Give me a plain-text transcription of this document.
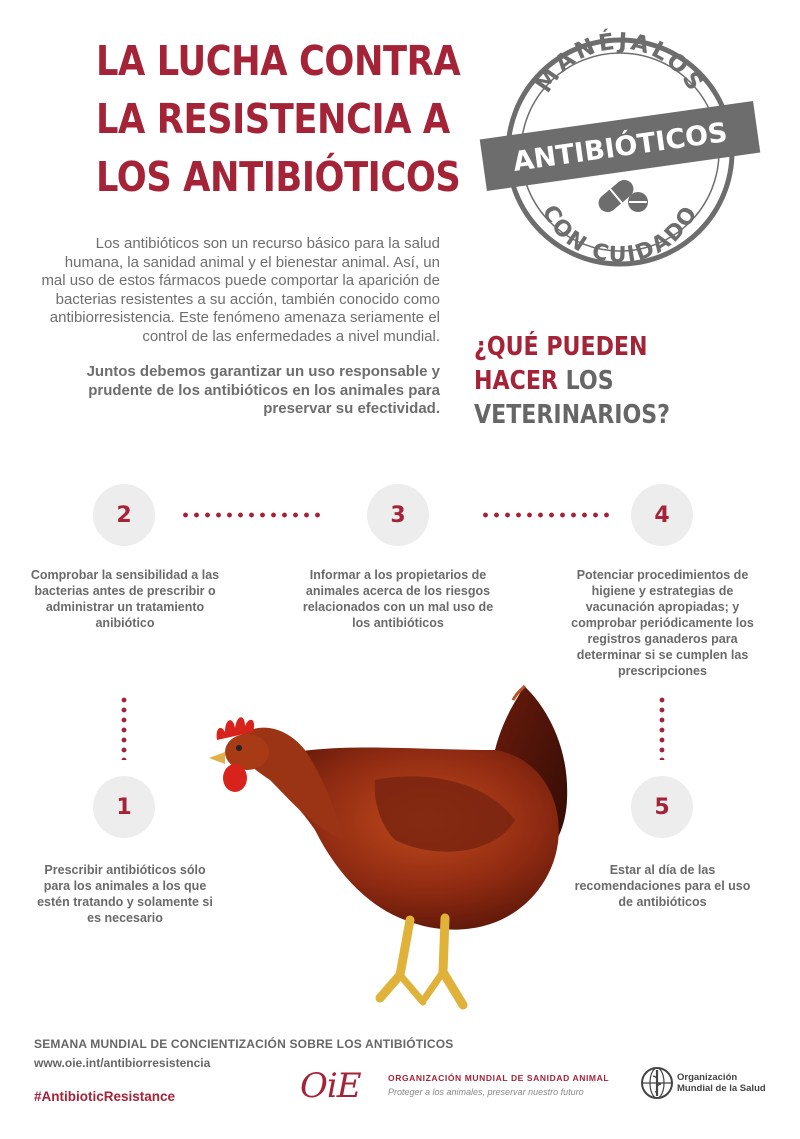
LA LUCHA CONTRA
LA RESISTENCIA A
LOS ANTIBIÓTICOS
MANÉJALOS
ANTIBIÓTICOS
CON CUIDADO

Los antibióticos son un recurso básico para la salud humana, la sanidad animal y el bienestar animal. Así, un mal uso de estos fármacos puede comportar la aparición de bacterias resistentes a su acción, también conocido como antibiorresistencia. Este fenómeno amenaza seriamente el control de las enfermedades a nivel mundial.

Juntos debemos garantizar un uso responsable y prudente de los antibióticos en los animales para preservar su efectividad.

¿QUÉ PUEDEN
HACER LOS
VETERINARIOS?
2	3	4
1	5
Comprobar la sensibilidad a las bacterias antes de prescribir o administrar un tratamiento anibiótico
Informar a los propietarios de animales acerca de los riesgos relacionados con un mal uso de los antibióticos
Potenciar procedimientos de higiene y estrategias de vacunación apropiadas; y comprobar periódicamente los registros ganaderos para determinar si se cumplen las prescripciones
Prescribir antibióticos sólo para los animales a los que estén tratando y solamente si es necesario
Estar al día de las recomendaciones para el uso de antibióticos
SEMANA MUNDIAL DE CONCIENTIZACIÓN SOBRE LOS ANTIBIÓTICOS
www.oie.int/antibiorresistencia
#AntibioticResistance	OiE	ORGANIZACIÓN MUNDIAL DE SANIDAD ANIMAL
Proteger a los animales, preservar nuestro futuro
Organización
Mundial de la Salud
